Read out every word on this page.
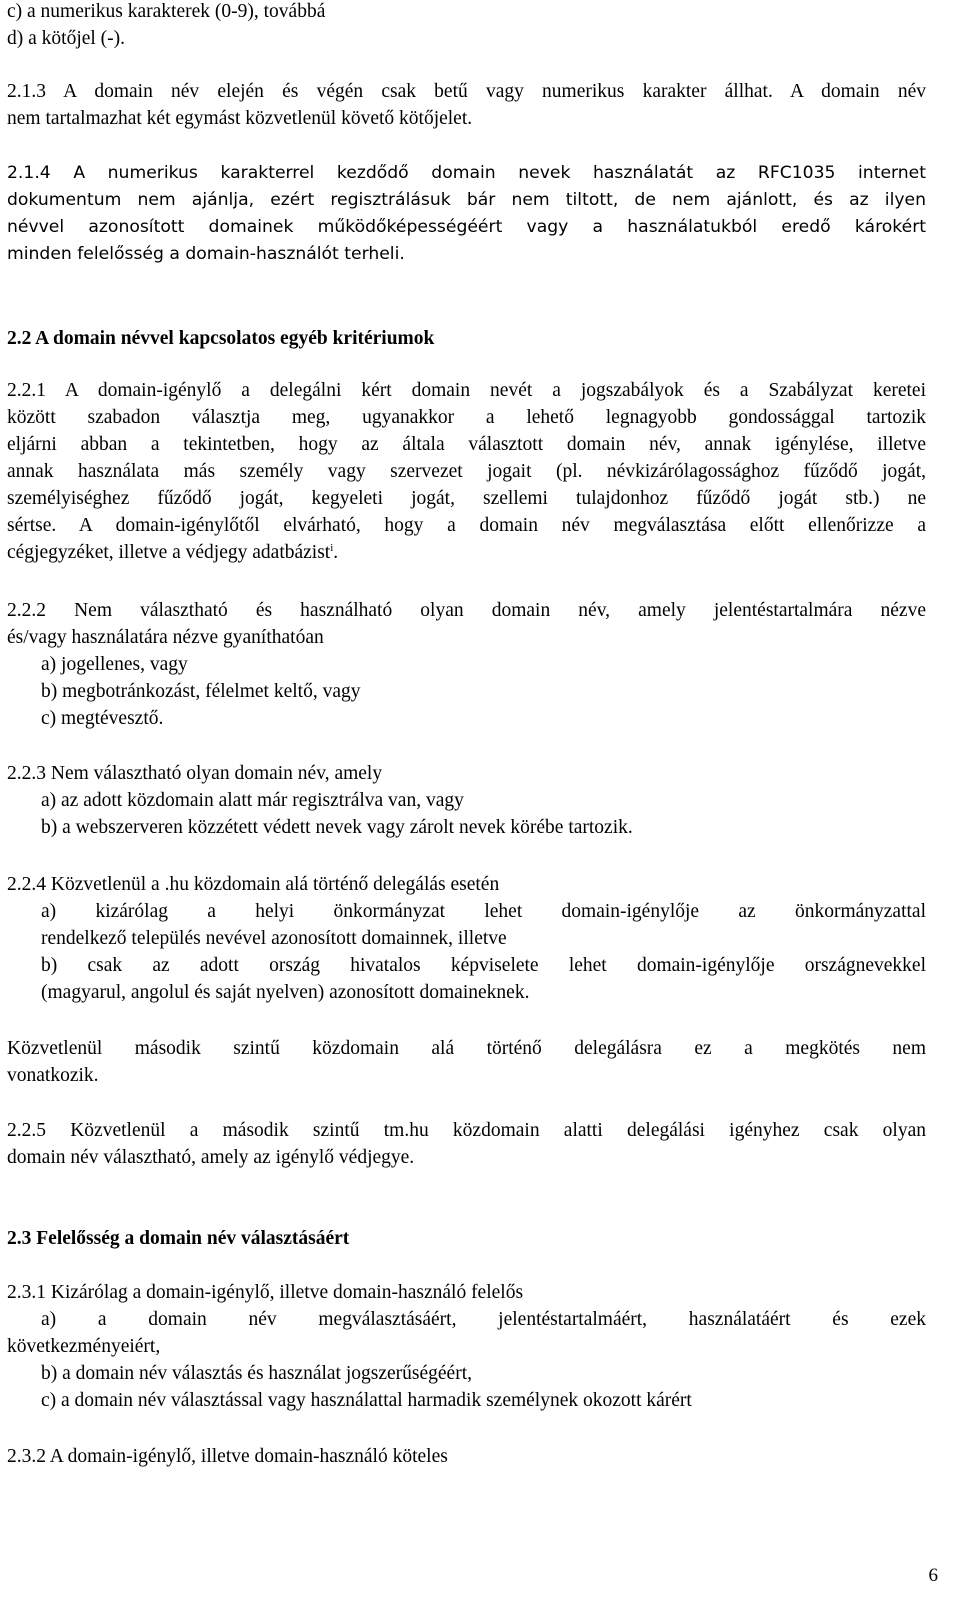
c) a numerikus karakterek (0-9), továbbá

d) a kötőjel (-).

2.1.3 A domain név elején és végén csak betű vagy numerikus karakter állhat. A domain név

nem tartalmazhat két egymást közvetlenül követő kötőjelet.

2.1.4 A numerikus karakterrel kezdődő domain nevek használatát az RFC1035 internet

dokumentum nem ajánlja, ezért regisztrálásuk bár nem tiltott, de nem ajánlott, és az ilyen

névvel azonosított domainek működőképességéért vagy a használatukból eredő károkért

minden felelősség a domain-használót terheli.

2.2 A domain névvel kapcsolatos egyéb kritériumok

2.2.1 A domain-igénylő a delegálni kért domain nevét a jogszabályok és a Szabályzat keretei

között szabadon választja meg, ugyanakkor a lehető legnagyobb gondossággal tartozik

eljárni abban a tekintetben, hogy az általa választott domain név, annak igénylése, illetve

annak használata más személy vagy szervezet jogait (pl. névkizárólagossághoz fűződő jogát,

személyiséghez fűződő jogát, kegyeleti jogát, szellemi tulajdonhoz fűződő jogát stb.) ne

sértse. A domain-igénylőtől elvárható, hogy a domain név megválasztása előtt ellenőrizze a

cégjegyzéket, illetve a védjegy adatbázist$^i$.

2.2.2 Nem választható és használható olyan domain név, amely jelentéstartalmára nézve

és/vagy használatára nézve gyaníthatóan

a) jogellenes, vagy

b) megbotránkozást, félelmet keltő, vagy

c) megtévesztő.

2.2.3 Nem választható olyan domain név, amely

a) az adott közdomain alatt már regisztrálva van, vagy

b) a webszerveren közzétett védett nevek vagy zárolt nevek körébe tartozik.

2.2.4 Közvetlenül a .hu közdomain alá történő delegálás esetén

a) kizárólag a helyi önkormányzat lehet domain-igénylője az önkormányzattal

rendelkező település nevével azonosított domainnek, illetve

b) csak az adott ország hivatalos képviselete lehet domain-igénylője országnevekkel

(magyarul, angolul és saját nyelven) azonosított domaineknek.

Közvetlenül második szintű közdomain alá történő delegálásra ez a megkötés nem

vonatkozik.

2.2.5 Közvetlenül a második szintű tm.hu közdomain alatti delegálási igényhez csak olyan

domain név választható, amely az igénylő védjegye.

2.3 Felelősség a domain név választásáért

2.3.1 Kizárólag a domain-igénylő, illetve domain-használó felelős

a) a domain név megválasztásáért, jelentéstartalmáért, használatáért és ezek

következményeiért,

b) a domain név választás és használat jogszerűségéért,

c) a domain név választással vagy használattal harmadik személynek okozott kárért

2.3.2 A domain-igénylő, illetve domain-használó köteles

6
